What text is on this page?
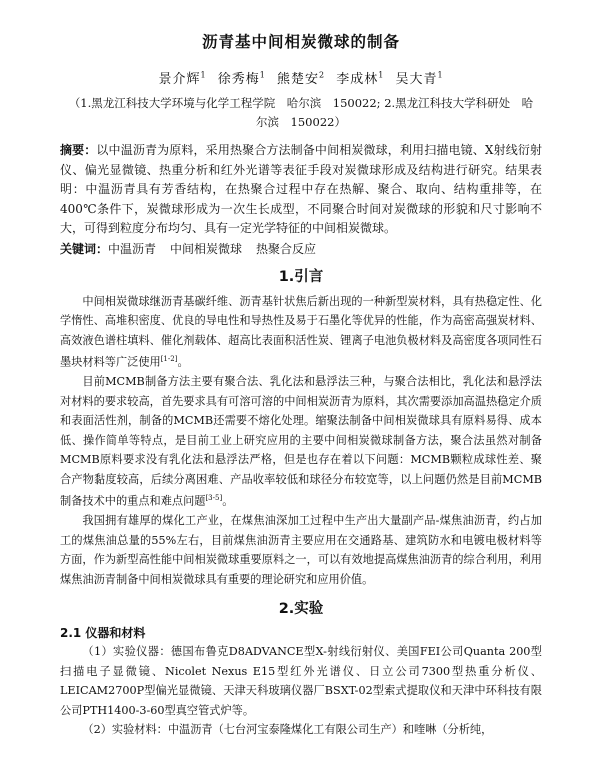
沥青基中间相炭微球的制备
景介辉$^1$ 徐秀梅$^1$ 熊楚安$^2$ 李成林$^1$ 吴大青$^1$
（1.黑龙江科技大学环境与化学工程学院　哈尔滨　150022; 2.黑龙江科技大学科研处　哈尔滨　150022）
摘要：以中温沥青为原料，采用热聚合方法制备中间相炭微球，利用扫描电镜、X射线衍射仪、偏光显微镜、热重分析和红外光谱等表征手段对炭微球形成及结构进行研究。结果表明：中温沥青具有芳香结构，在热聚合过程中存在热解、聚合、取向、结构重排等，在400℃条件下，炭微球形成为一次生长成型，不同聚合时间对炭微球的形貌和尺寸影响不大，可得到粒度分布均匀、具有一定光学特征的中间相炭微球。
关键词：中温沥青 中间相炭微球 热聚合反应
1.引言

中间相炭微球继沥青基碳纤维、沥青基针状焦后新出现的一种新型炭材料，具有热稳定性、化学惰性、高堆积密度、优良的导电性和导热性及易于石墨化等优异的性能，作为高密高强炭材料、高效液色谱柱填料、催化剂载体、超高比表面积活性炭、锂离子电池负极材料及高密度各项同性石墨块材料等广泛使用[1-2]。

目前MCMB制备方法主要有聚合法、乳化法和悬浮法三种，与聚合法相比，乳化法和悬浮法对材料的要求较高，首先要求具有可溶可溶的中间相炭沥青为原料，其次需要添加高温热稳定介质和表面活性剂，制备的MCMB还需要不熔化处理。缩聚法制备中间相炭微球具有原料易得、成本低、操作简单等特点，是目前工业上研究应用的主要中间相炭微球制备方法，聚合法虽然对制备MCMB原料要求没有乳化法和悬浮法严格，但是也存在着以下问题：MCMB颗粒成球性差、聚合产物黏度较高，后续分离困难、产品收率较低和球径分布较宽等，以上问题仍然是目前MCMB制备技术中的重点和难点问题[3-5]。

我国拥有雄厚的煤化工产业，在煤焦油深加工过程中生产出大量副产品-煤焦油沥青，约占加工的煤焦油总量的55%左右，目前煤焦油沥青主要应用在交通路基、建筑防水和电镀电极材料等方面，作为新型高性能中间相炭微球重要原料之一，可以有效地提高煤焦油沥青的综合利用，利用煤焦油沥青制备中间相炭微球具有重要的理论研究和应用价值。

2.实验
2.1 仪器和材料

（1）实验仪器：德国布鲁克D8ADVANCE型X-射线衍射仪、美国FEI公司Quanta 200型扫描电子显微镜、Nicolet Nexus E15型红外光谱仪、日立公司7300型热重分析仪、LEICAM2700P型偏光显微镜、天津天科玻璃仪器厂BSXT-02型索式提取仪和天津中环科技有限公司PTH1400-3-60型真空管式炉等。

（2）实验材料：中温沥青（七台河宝泰隆煤化工有限公司生产）和喹啉（分析纯，
